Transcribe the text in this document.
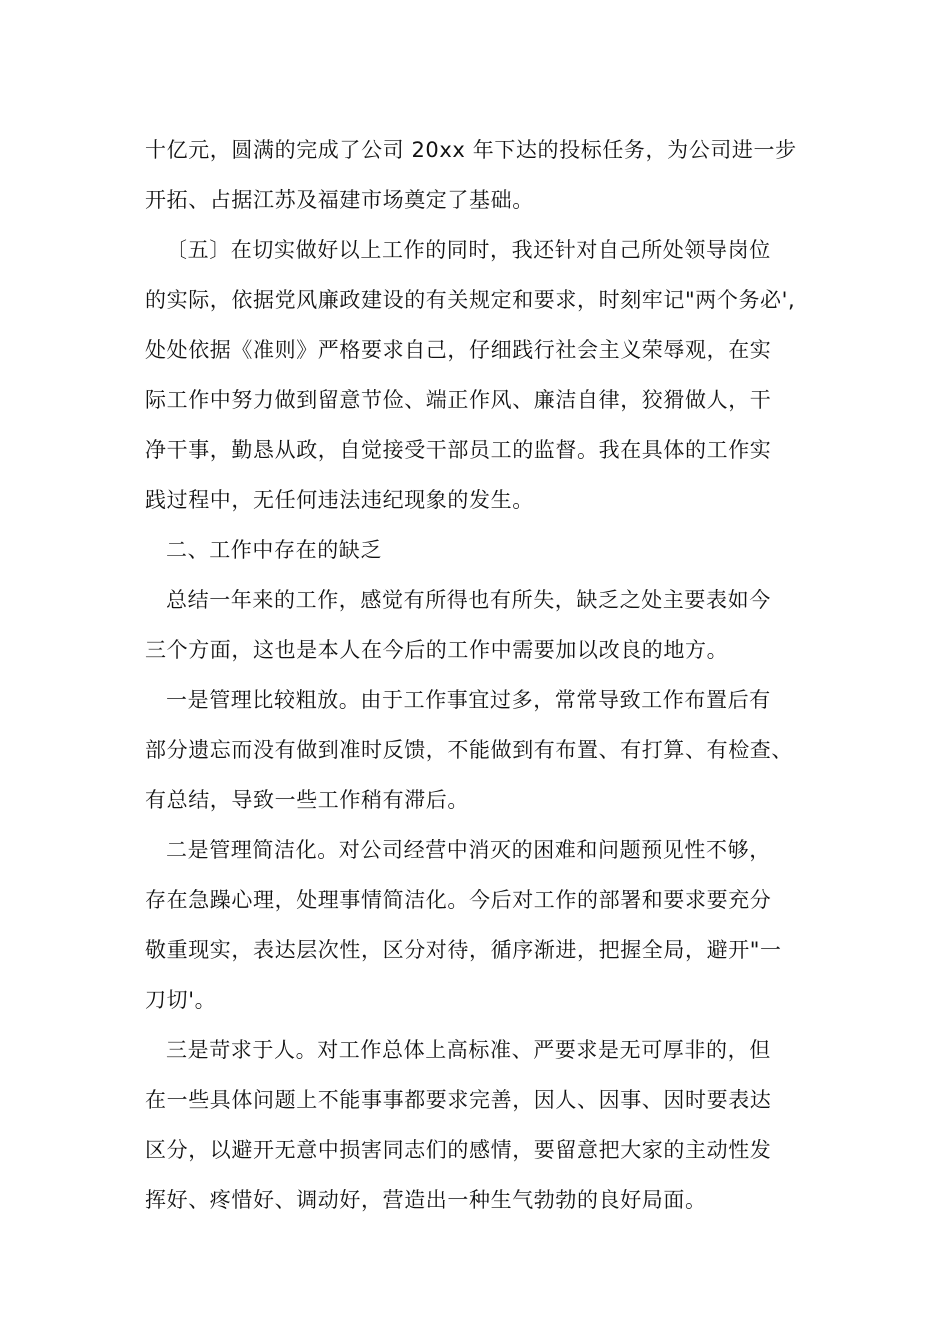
十亿元，圆满的完成了公司 20xx 年下达的投标任务，为公司进一步
开拓、占据江苏及福建市场奠定了基础。
〔五〕在切实做好以上工作的同时，我还针对自己所处领导岗位
的实际，依据党风廉政建设的有关规定和要求，时刻牢记"两个务必',
处处依据《准则》严格要求自己，仔细践行社会主义荣辱观，在实
际工作中努力做到留意节俭、端正作风、廉洁自律，狡猾做人，干
净干事，勤恳从政，自觉接受干部员工的监督。我在具体的工作实
践过程中，无任何违法违纪现象的发生。
二、工作中存在的缺乏
总结一年来的工作，感觉有所得也有所失，缺乏之处主要表如今
三个方面，这也是本人在今后的工作中需要加以改良的地方。
一是管理比较粗放。由于工作事宜过多，常常导致工作布置后有
部分遗忘而没有做到准时反馈，不能做到有布置、有打算、有检查、
有总结，导致一些工作稍有滞后。
二是管理简洁化。对公司经营中消灭的困难和问题预见性不够，
存在急躁心理，处理事情简洁化。今后对工作的部署和要求要充分
敬重现实，表达层次性，区分对待，循序渐进，把握全局，避开"一
刀切'。
三是苛求于人。对工作总体上高标准、严要求是无可厚非的，但
在一些具体问题上不能事事都要求完善，因人、因事、因时要表达
区分，以避开无意中损害同志们的感情，要留意把大家的主动性发
挥好、疼惜好、调动好，营造出一种生气勃勃的良好局面。
